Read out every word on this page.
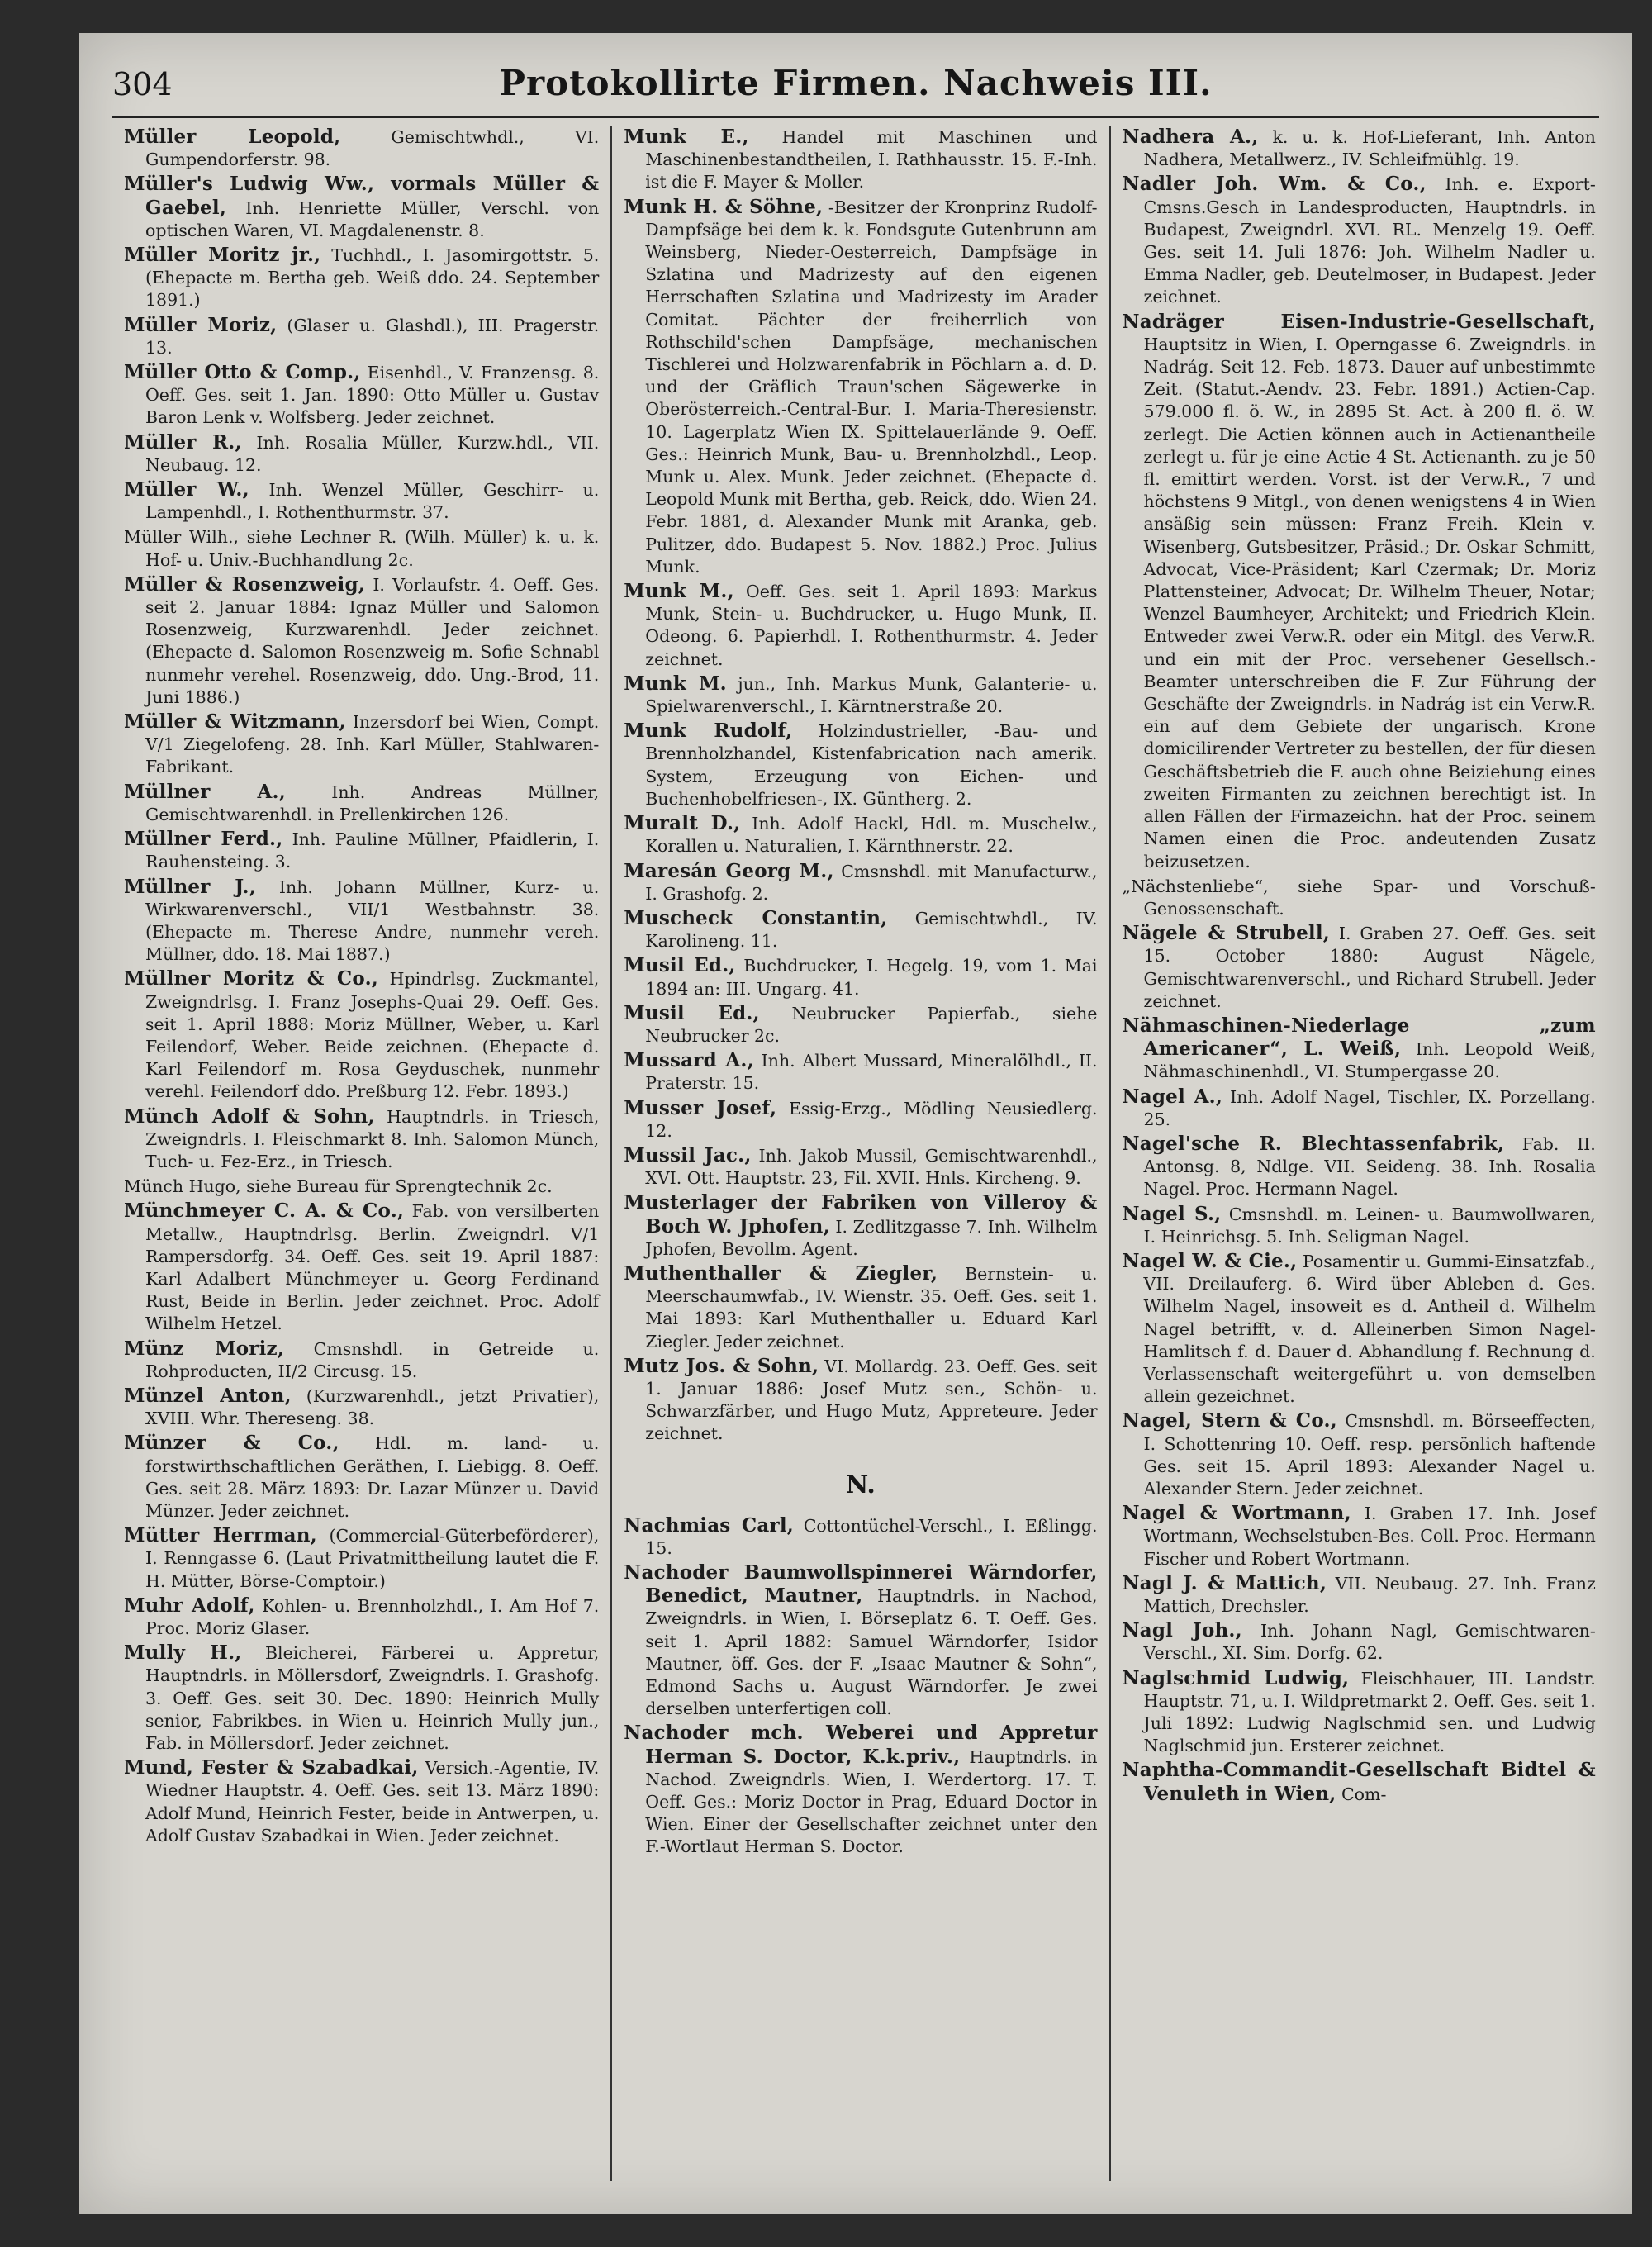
304	Protokollirte Firmen. Nachweis III.

Müller Leopold, Gemischtwhdl., VI. Gumpendorferstr. 98.

Müller's Ludwig Ww., vormals Müller & Gaebel, Inh. Henriette Müller, Verschl. von optischen Waren, VI. Magdalenenstr. 8.

Müller Moritz jr., Tuchhdl., I. Jasomirgottstr. 5. (Ehepacte m. Bertha geb. Weiß ddo. 24. September 1891.)

Müller Moriz, (Glaser u. Glashdl.), III. Pragerstr. 13.

Müller Otto & Comp., Eisenhdl., V. Franzensg. 8. Oeff. Ges. seit 1. Jan. 1890: Otto Müller u. Gustav Baron Lenk v. Wolfsberg. Jeder zeichnet.

Müller R., Inh. Rosalia Müller, Kurzw.hdl., VII. Neubaug. 12.

Müller W., Inh. Wenzel Müller, Geschirr- u. Lampenhdl., I. Rothenthurmstr. 37.

Müller Wilh., siehe Lechner R. (Wilh. Müller) k. u. k. Hof- u. Univ.-Buchhandlung 2c.

Müller & Rosenzweig, I. Vorlaufstr. 4. Oeff. Ges. seit 2. Januar 1884: Ignaz Müller und Salomon Rosenzweig, Kurzwarenhdl. Jeder zeichnet. (Ehepacte d. Salomon Rosenzweig m. Sofie Schnabl nunmehr verehel. Rosenzweig, ddo. Ung.-Brod, 11. Juni 1886.)

Müller & Witzmann, Inzersdorf bei Wien, Compt. V/1 Ziegelofeng. 28. Inh. Karl Müller, Stahlwaren-Fabrikant.

Müllner A., Inh. Andreas Müllner, Gemischtwarenhdl. in Prellenkirchen 126.

Müllner Ferd., Inh. Pauline Müllner, Pfaidlerin, I. Rauhensteing. 3.

Müllner J., Inh. Johann Müllner, Kurz- u. Wirkwarenverschl., VII/1 Westbahnstr. 38. (Ehepacte m. Therese Andre, nunmehr vereh. Müllner, ddo. 18. Mai 1887.)

Müllner Moritz & Co., Hpindrlsg. Zuckmantel, Zweigndrlsg. I. Franz Josephs-Quai 29. Oeff. Ges. seit 1. April 1888: Moriz Müllner, Weber, u. Karl Feilendorf, Weber. Beide zeichnen. (Ehepacte d. Karl Feilendorf m. Rosa Geyduschek, nunmehr verehl. Feilendorf ddo. Preßburg 12. Febr. 1893.)

Münch Adolf & Sohn, Hauptndrls. in Triesch, Zweigndrls. I. Fleischmarkt 8. Inh. Salomon Münch, Tuch- u. Fez-Erz., in Triesch.

Münch Hugo, siehe Bureau für Sprengtechnik 2c.

Münchmeyer C. A. & Co., Fab. von versilberten Metallw., Hauptndrlsg. Berlin. Zweigndrl. V/1 Rampersdorfg. 34. Oeff. Ges. seit 19. April 1887: Karl Adalbert Münchmeyer u. Georg Ferdinand Rust, Beide in Berlin. Jeder zeichnet. Proc. Adolf Wilhelm Hetzel.

Münz Moriz, Cmsnshdl. in Getreide u. Rohproducten, II/2 Circusg. 15.

Münzel Anton, (Kurzwarenhdl., jetzt Privatier), XVIII. Whr. Thereseng. 38.

Münzer & Co., Hdl. m. land- u. forstwirthschaftlichen Geräthen, I. Liebigg. 8. Oeff. Ges. seit 28. März 1893: Dr. Lazar Münzer u. David Münzer. Jeder zeichnet.

Mütter Herrman, (Commercial-Güterbeförderer), I. Renngasse 6. (Laut Privatmittheilung lautet die F. H. Mütter, Börse-Comptoir.)

Muhr Adolf, Kohlen- u. Brennholzhdl., I. Am Hof 7. Proc. Moriz Glaser.

Mully H., Bleicherei, Färberei u. Appretur, Hauptndrls. in Möllersdorf, Zweigndrls. I. Grashofg. 3. Oeff. Ges. seit 30. Dec. 1890: Heinrich Mully senior, Fabrikbes. in Wien u. Heinrich Mully jun., Fab. in Möllersdorf. Jeder zeichnet.

Mund, Fester & Szabadkai, Versich.-Agentie, IV. Wiedner Hauptstr. 4. Oeff. Ges. seit 13. März 1890: Adolf Mund, Heinrich Fester, beide in Antwerpen, u. Adolf Gustav Szabadkai in Wien. Jeder zeichnet.

Munk E., Handel mit Maschinen und Maschinenbestandtheilen, I. Rathhausstr. 15. F.-Inh. ist die F. Mayer & Moller.

Munk H. & Söhne, -Besitzer der Kronprinz Rudolf-Dampfsäge bei dem k. k. Fondsgute Gutenbrunn am Weinsberg, Nieder-Oesterreich, Dampfsäge in Szlatina und Madrizesty auf den eigenen Herrschaften Szlatina und Madrizesty im Arader Comitat. Pächter der freiherrlich von Rothschild'schen Dampfsäge, mechanischen Tischlerei und Holzwarenfabrik in Pöchlarn a. d. D. und der Gräflich Traun'schen Sägewerke in Oberösterreich.-Central-Bur. I. Maria-Theresienstr. 10. Lagerplatz Wien IX. Spittelauerlände 9. Oeff. Ges.: Heinrich Munk, Bau- u. Brennholzhdl., Leop. Munk u. Alex. Munk. Jeder zeichnet. (Ehepacte d. Leopold Munk mit Bertha, geb. Reick, ddo. Wien 24. Febr. 1881, d. Alexander Munk mit Aranka, geb. Pulitzer, ddo. Budapest 5. Nov. 1882.) Proc. Julius Munk.

Munk M., Oeff. Ges. seit 1. April 1893: Markus Munk, Stein- u. Buchdrucker, u. Hugo Munk, II. Odeong. 6. Papierhdl. I. Rothenthurmstr. 4. Jeder zeichnet.

Munk M. jun., Inh. Markus Munk, Galanterie- u. Spielwarenverschl., I. Kärntnerstraße 20.

Munk Rudolf, Holzindustrieller, -Bau- und Brennholzhandel, Kistenfabrication nach amerik. System, Erzeugung von Eichen- und Buchenhobelfriesen-, IX. Güntherg. 2.

Muralt D., Inh. Adolf Hackl, Hdl. m. Muschelw., Korallen u. Naturalien, I. Kärnthnerstr. 22.

Maresán Georg M., Cmsnshdl. mit Manufacturw., I. Grashofg. 2.

Muscheck Constantin, Gemischtwhdl., IV. Karolineng. 11.

Musil Ed., Buchdrucker, I. Hegelg. 19, vom 1. Mai 1894 an: III. Ungarg. 41.

Musil Ed., Neubrucker Papierfab., siehe Neubrucker 2c.

Mussard A., Inh. Albert Mussard, Mineralölhdl., II. Praterstr. 15.

Musser Josef, Essig-Erzg., Mödling Neusiedlerg. 12.

Mussil Jac., Inh. Jakob Mussil, Gemischtwarenhdl., XVI. Ott. Hauptstr. 23, Fil. XVII. Hnls. Kircheng. 9.

Musterlager der Fabriken von Villeroy & Boch W. Jphofen, I. Zedlitzgasse 7. Inh. Wilhelm Jphofen, Bevollm. Agent.

Muthenthaller & Ziegler, Bernstein- u. Meerschaumwfab., IV. Wienstr. 35. Oeff. Ges. seit 1. Mai 1893: Karl Muthenthaller u. Eduard Karl Ziegler. Jeder zeichnet.

Mutz Jos. & Sohn, VI. Mollardg. 23. Oeff. Ges. seit 1. Januar 1886: Josef Mutz sen., Schön- u. Schwarzfärber, und Hugo Mutz, Appreteure. Jeder zeichnet.

N.

Nachmias Carl, Cottontüchel-Verschl., I. Eßlingg. 15.

Nachoder Baumwollspinnerei Wärndorfer, Benedict, Mautner, Hauptndrls. in Nachod, Zweigndrls. in Wien, I. Börseplatz 6. T. Oeff. Ges. seit 1. April 1882: Samuel Wärndorfer, Isidor Mautner, öff. Ges. der F. „Isaac Mautner & Sohn“, Edmond Sachs u. August Wärndorfer. Je zwei derselben unterfertigen coll.

Nachoder mch. Weberei und Appretur Herman S. Doctor, K.k.priv., Hauptndrls. in Nachod. Zweigndrls. Wien, I. Werdertorg. 17. T. Oeff. Ges.: Moriz Doctor in Prag, Eduard Doctor in Wien. Einer der Gesellschafter zeichnet unter den F.-Wortlaut Herman S. Doctor.

Nadhera A., k. u. k. Hof-Lieferant, Inh. Anton Nadhera, Metallwerz., IV. Schleifmühlg. 19.

Nadler Joh. Wm. & Co., Inh. e. Export-Cmsns.Gesch in Landesproducten, Hauptndrls. in Budapest, Zweigndrl. XVI. RL. Menzelg 19. Oeff. Ges. seit 14. Juli 1876: Joh. Wilhelm Nadler u. Emma Nadler, geb. Deutelmoser, in Budapest. Jeder zeichnet.

Nadräger Eisen-Industrie-Gesellschaft, Hauptsitz in Wien, I. Operngasse 6. Zweigndrls. in Nadrág. Seit 12. Feb. 1873. Dauer auf unbestimmte Zeit. (Statut.-Aendv. 23. Febr. 1891.) Actien-Cap. 579.000 fl. ö. W., in 2895 St. Act. à 200 fl. ö. W. zerlegt. Die Actien können auch in Actienantheile zerlegt u. für je eine Actie 4 St. Actienanth. zu je 50 fl. emittirt werden. Vorst. ist der Verw.R., 7 und höchstens 9 Mitgl., von denen wenigstens 4 in Wien ansäßig sein müssen: Franz Freih. Klein v. Wisenberg, Gutsbesitzer, Präsid.; Dr. Oskar Schmitt, Advocat, Vice-Präsident; Karl Czermak; Dr. Moriz Plattensteiner, Advocat; Dr. Wilhelm Theuer, Notar; Wenzel Baumheyer, Architekt; und Friedrich Klein. Entweder zwei Verw.R. oder ein Mitgl. des Verw.R. und ein mit der Proc. versehener Gesellsch.-Beamter unterschreiben die F. Zur Führung der Geschäfte der Zweigndrls. in Nadrág ist ein Verw.R. ein auf dem Gebiete der ungarisch. Krone domicilirender Vertreter zu bestellen, der für diesen Geschäftsbetrieb die F. auch ohne Beiziehung eines zweiten Firmanten zu zeichnen berechtigt ist. In allen Fällen der Firmazeichn. hat der Proc. seinem Namen einen die Proc. andeutenden Zusatz beizusetzen.

„Nächstenliebe“, siehe Spar- und Vorschuß-Genossenschaft.

Nägele & Strubell, I. Graben 27. Oeff. Ges. seit 15. October 1880: August Nägele, Gemischtwarenverschl., und Richard Strubell. Jeder zeichnet.

Nähmaschinen-Niederlage „zum Americaner“, L. Weiß, Inh. Leopold Weiß, Nähmaschinenhdl., VI. Stumpergasse 20.

Nagel A., Inh. Adolf Nagel, Tischler, IX. Porzellang. 25.

Nagel'sche R. Blechtassenfabrik, Fab. II. Antonsg. 8, Ndlge. VII. Seideng. 38. Inh. Rosalia Nagel. Proc. Hermann Nagel.

Nagel S., Cmsnshdl. m. Leinen- u. Baumwollwaren, I. Heinrichsg. 5. Inh. Seligman Nagel.

Nagel W. & Cie., Posamentir u. Gummi-Einsatzfab., VII. Dreilauferg. 6. Wird über Ableben d. Ges. Wilhelm Nagel, insoweit es d. Antheil d. Wilhelm Nagel betrifft, v. d. Alleinerben Simon Nagel-Hamlitsch f. d. Dauer d. Abhandlung f. Rechnung d. Verlassenschaft weitergeführt u. von demselben allein gezeichnet.

Nagel, Stern & Co., Cmsnshdl. m. Börseeffecten, I. Schottenring 10. Oeff. resp. persönlich haftende Ges. seit 15. April 1893: Alexander Nagel u. Alexander Stern. Jeder zeichnet.

Nagel & Wortmann, I. Graben 17. Inh. Josef Wortmann, Wechselstuben-Bes. Coll. Proc. Hermann Fischer und Robert Wortmann.

Nagl J. & Mattich, VII. Neubaug. 27. Inh. Franz Mattich, Drechsler.

Nagl Joh., Inh. Johann Nagl, Gemischtwaren-Verschl., XI. Sim. Dorfg. 62.

Naglschmid Ludwig, Fleischhauer, III. Landstr. Hauptstr. 71, u. I. Wildpretmarkt 2. Oeff. Ges. seit 1. Juli 1892: Ludwig Naglschmid sen. und Ludwig Naglschmid jun. Ersterer zeichnet.

Naphtha-Commandit-Gesellschaft Bidtel & Venuleth in Wien, Com-
